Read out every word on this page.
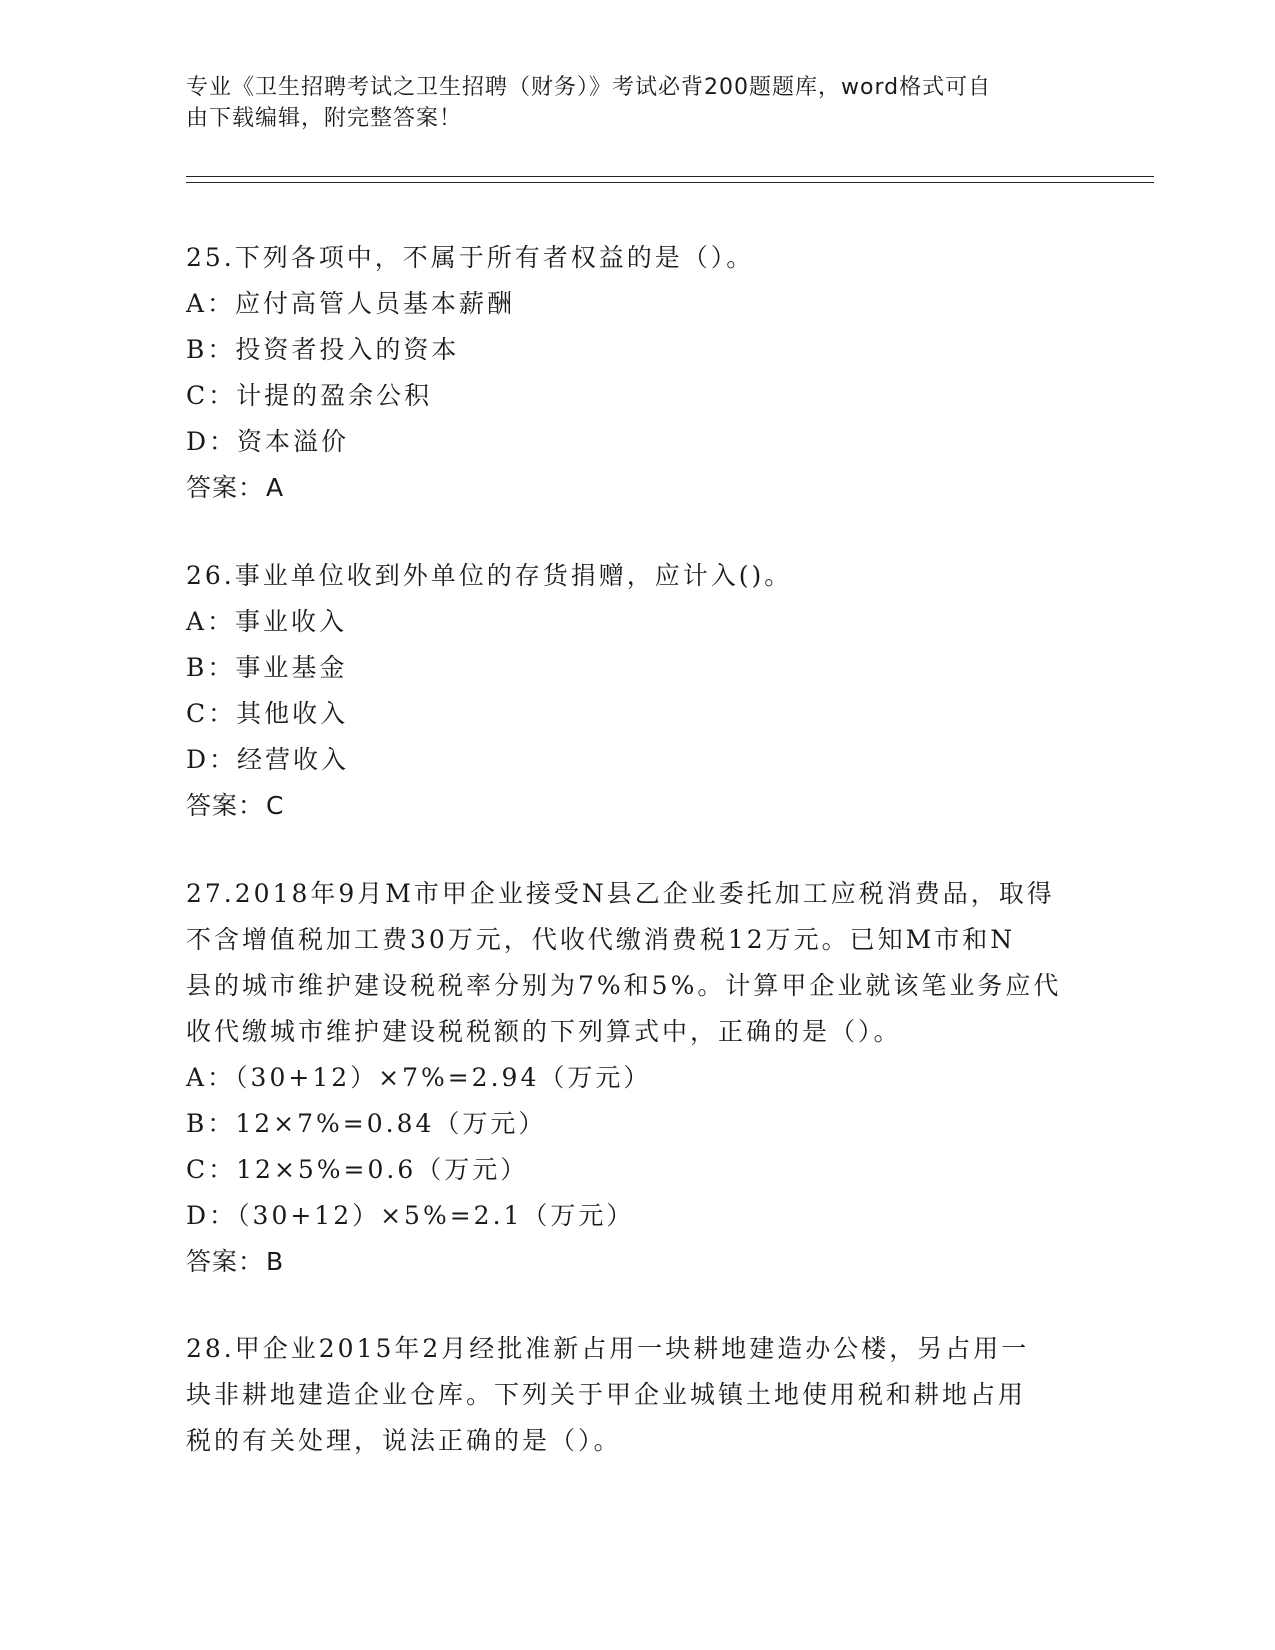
专业《卫生招聘考试之卫生招聘（财务）》考试必背200题题库，word格式可自
由下载编辑，附完整答案！
25.下列各项中，不属于所有者权益的是（）。
A：应付高管人员基本薪酬
B：投资者投入的资本
C：计提的盈余公积
D：资本溢价
答案：A
26.事业单位收到外单位的存货捐赠，应计入()。
A：事业收入
B：事业基金
C：其他收入
D：经营收入
答案：C
27.2018年9月M市甲企业接受N县乙企业委托加工应税消费品，取得
不含增值税加工费30万元，代收代缴消费税12万元。已知M市和N
县的城市维护建设税税率分别为7%和5%。计算甲企业就该笔业务应代
收代缴城市维护建设税税额的下列算式中，正确的是（）。
A：（30+12）×7%=2.94（万元）
B：12×7%=0.84（万元）
C：12×5%=0.6（万元）
D：（30+12）×5%=2.1（万元）
答案：B
28.甲企业2015年2月经批准新占用一块耕地建造办公楼，另占用一
块非耕地建造企业仓库。下列关于甲企业城镇土地使用税和耕地占用
税的有关处理，说法正确的是（）。
